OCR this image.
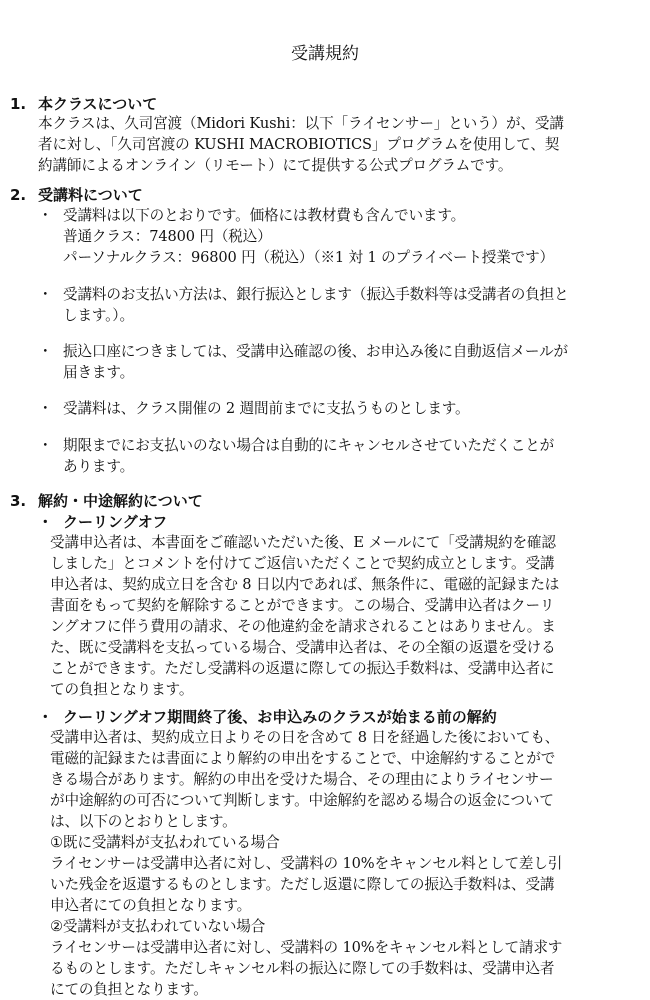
受講規約
1. 本クラスについて
本クラスは、久司宮渡（Midori Kushi：以下「ライセンサー」という）が、受講
者に対し、「久司宮渡の KUSHI MACROBIOTICS」プログラムを使用して、契
約講師によるオンライン（リモート）にて提供する公式プログラムです。
2. 受講料について
・ 受講料は以下のとおりです。価格には教材費も含んでいます。
普通クラス：74800 円（税込）
パーソナルクラス：96800 円（税込）（※1 対 1 のプライベート授業です）
・ 受講料のお支払い方法は、銀行振込とします（振込手数料等は受講者の負担と
します。）。
・ 振込口座につきましては、受講申込確認の後、お申込み後に自動返信メールが
届きます。
・ 受講料は、クラス開催の 2 週間前までに支払うものとします。
・ 期限までにお支払いのない場合は自動的にキャンセルさせていただくことが
あります。
3. 解約・中途解約について
・ クーリングオフ
受講申込者は、本書面をご確認いただいた後、E メールにて「受講規約を確認
しました」とコメントを付けてご返信いただくことで契約成立とします。受講
申込者は、契約成立日を含む 8 日以内であれば、無条件に、電磁的記録または
書面をもって契約を解除することができます。この場合、受講申込者はクーリ
ングオフに伴う費用の請求、その他違約金を請求されることはありません。ま
た、既に受講料を支払っている場合、受講申込者は、その全額の返還を受ける
ことができます。ただし受講料の返還に際しての振込手数料は、受講申込者に
ての負担となります。
・ クーリングオフ期間終了後、お申込みのクラスが始まる前の解約
受講申込者は、契約成立日よりその日を含めて 8 日を経過した後においても、
電磁的記録または書面により解約の申出をすることで、中途解約することがで
きる場合があります。解約の申出を受けた場合、その理由によりライセンサー
が中途解約の可否について判断します。中途解約を認める場合の返金について
は、以下のとおりとします。
①既に受講料が支払われている場合
ライセンサーは受講申込者に対し、受講料の 10%をキャンセル料として差し引
いた残金を返還するものとします。ただし返還に際しての振込手数料は、受講
申込者にての負担となります。
②受講料が支払われていない場合
ライセンサーは受講申込者に対し、受講料の 10%をキャンセル料として請求す
るものとします。ただしキャンセル料の振込に際しての手数料は、受講申込者
にての負担となります。
